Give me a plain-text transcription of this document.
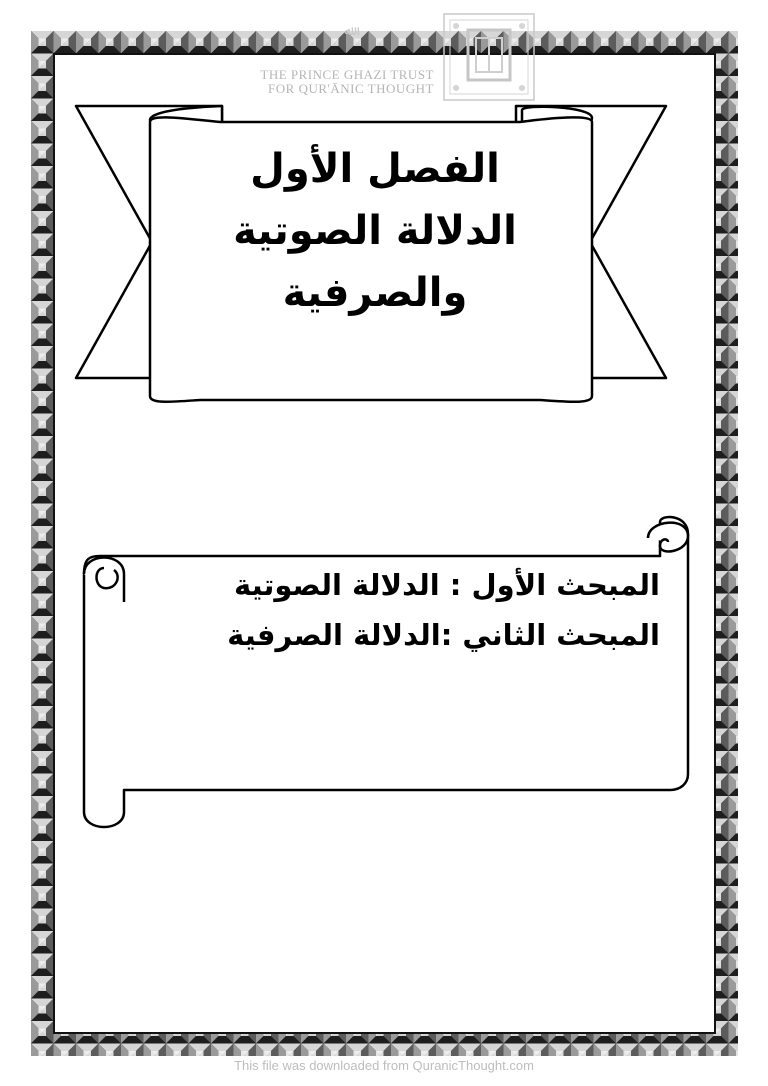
ﷲ
THE PRINCE GHAZI TRUST
FOR QUR'ĀNIC THOUGHT
الفصل الأول
الدلالة الصوتية
والصرفية
المبحث الأول : الدلالة الصوتية
المبحث الثاني :الدلالة الصرفية
This file was downloaded from QuranicThought.com
